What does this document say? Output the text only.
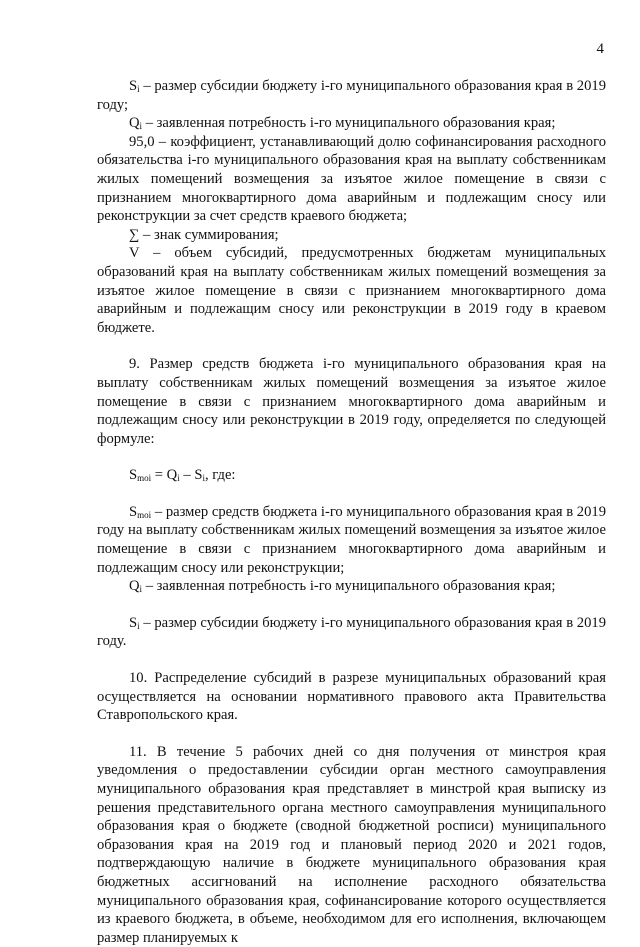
4

$S_i$ – размер субсидии бюджету i-го муниципального образования края в 2019 году;

$Q_i$ – заявленная потребность i-го муниципального образования края;

95,0 – коэффициент, устанавливающий долю софинансирования расходного обязательства i-го муниципального образования края на выплату собственникам жилых помещений возмещения за изъятое жилое помещение в связи с признанием многоквартирного дома аварийным и подлежащим сносу или реконструкции за счет средств краевого бюджета;

∑ – знак суммирования;

V – объем субсидий, предусмотренных бюджетам муниципальных образований края на выплату собственникам жилых помещений возмещения за изъятое жилое помещение в связи с признанием многоквартирного дома аварийным и подлежащим сносу или реконструкции в 2019 году в краевом бюджете.

9. Размер средств бюджета i-го муниципального образования края на выплату собственникам жилых помещений возмещения за изъятое жилое помещение в связи с признанием многоквартирного дома аварийным и подлежащим сносу или реконструкции в 2019 году, определяется по следующей формуле:

$S_{moi} = Q_i - S_i$, где:

$S_{moi}$ – размер средств бюджета i-го муниципального образования края в 2019 году на выплату собственникам жилых помещений возмещения за изъятое жилое помещение в связи с признанием многоквартирного дома аварийным и подлежащим сносу или реконструкции;

$Q_i$ – заявленная потребность i-го муниципального образования края;

$S_i$ – размер субсидии бюджету i-го муниципального образования края в 2019 году.

10. Распределение субсидий в разрезе муниципальных образований края осуществляется на основании нормативного правового акта Правительства Ставропольского края.

11. В течение 5 рабочих дней со дня получения от минстроя края уведомления о предоставлении субсидии орган местного самоуправления муниципального образования края представляет в минстрой края выписку из решения представительного органа местного самоуправления муниципального образования края о бюджете (сводной бюджетной росписи) муниципального образования края на 2019 год и плановый период 2020 и 2021 годов, подтверждающую наличие в бюджете муниципального образования края бюджетных ассигнований на исполнение расходного обязательства муниципального образования края, софинансирование которого осуществляется из краевого бюджета, в объеме, необходимом для его исполнения, включающем размер планируемых к
